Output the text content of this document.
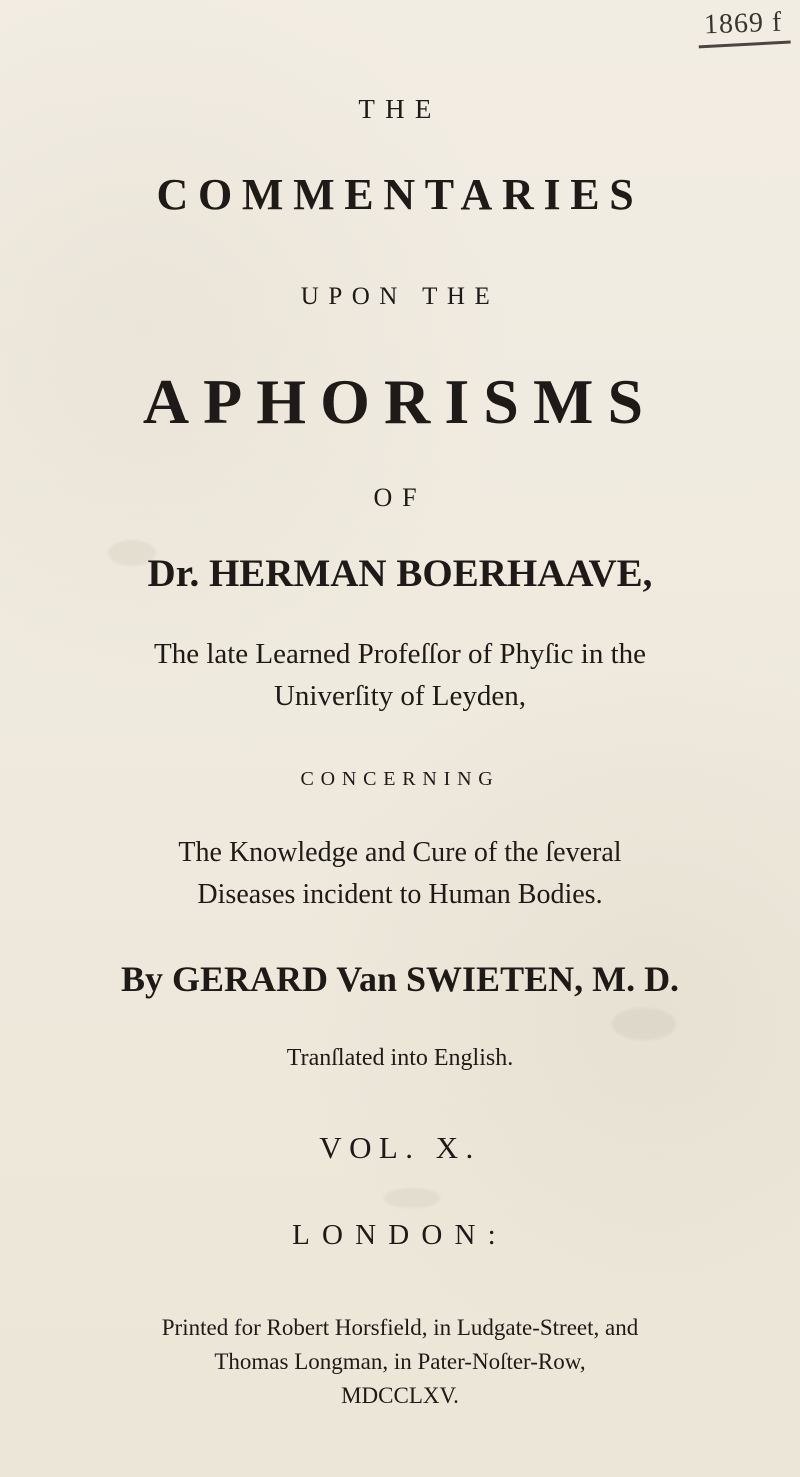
1869 f
THE
COMMENTARIES
UPON THE
APHORISMS
OF
Dr. HERMAN BOERHAAVE,
The late Learned Profeſſor of Phyſic in the
Univerſity of Leyden,
CONCERNING
The Knowledge and Cure of the ſeveral
Diseases incident to Human Bodies.
By GERARD Van SWIETEN, M. D.
Tranſlated into English.
VOL. X.
LONDON:
Printed for Robert Horsfield, in Ludgate-Street, and
Thomas Longman, in Pater-Noſter-Row,
MDCCLXV.
